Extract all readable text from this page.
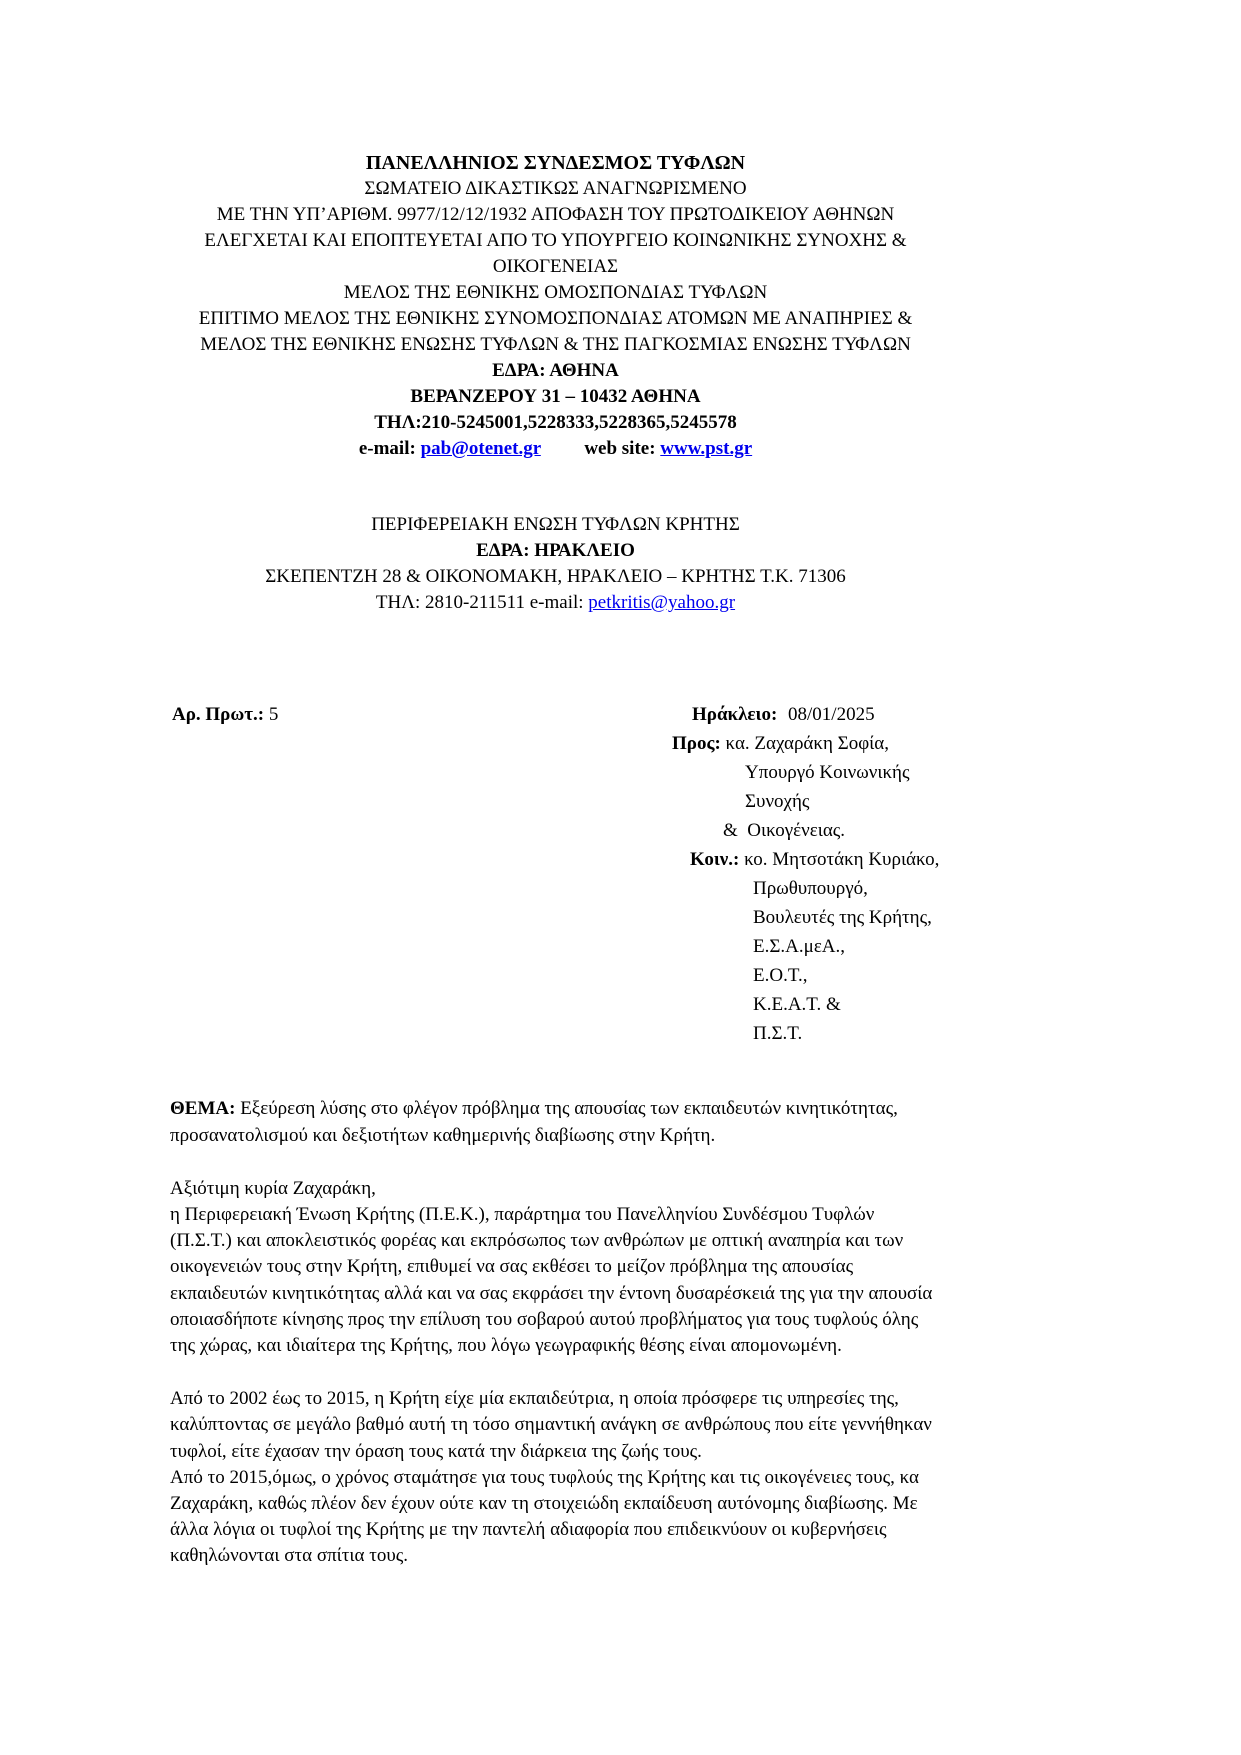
ΠΑΝΕΛΛΗΝΙΟΣ ΣΥΝΔΕΣΜΟΣ ΤΥΦΛΩΝ
ΣΩΜΑΤΕΙΟ ΔΙΚΑΣΤΙΚΩΣ ΑΝΑΓΝΩΡΙΣΜΕΝΟ
ΜΕ ΤΗΝ ΥΠ’ΑΡΙΘΜ. 9977/12/12/1932 ΑΠΟΦΑΣΗ ΤΟΥ ΠΡΩΤΟΔΙΚΕΙΟΥ ΑΘΗΝΩΝ
ΕΛΕΓΧΕΤΑΙ ΚΑΙ ΕΠΟΠΤΕΥΕΤΑΙ ΑΠΟ ΤΟ ΥΠΟΥΡΓΕΙΟ ΚΟΙΝΩΝΙΚΗΣ ΣΥΝΟΧΗΣ &
ΟΙΚΟΓΕΝΕΙΑΣ
ΜΕΛΟΣ ΤΗΣ ΕΘΝΙΚΗΣ ΟΜΟΣΠΟΝΔΙΑΣ ΤΥΦΛΩΝ
ΕΠΙΤΙΜΟ ΜΕΛΟΣ ΤΗΣ ΕΘΝΙΚΗΣ ΣΥΝΟΜΟΣΠΟΝΔΙΑΣ ΑΤΟΜΩΝ ΜΕ ΑΝΑΠΗΡΙΕΣ &
ΜΕΛΟΣ ΤΗΣ ΕΘΝΙΚΗΣ ΕΝΩΣΗΣ ΤΥΦΛΩΝ & ΤΗΣ ΠΑΓΚΟΣΜΙΑΣ ΕΝΩΣΗΣ ΤΥΦΛΩΝ
ΕΔΡΑ: ΑΘΗΝΑ
ΒΕΡΑΝΖΕΡΟΥ 31 – 10432 ΑΘΗΝΑ
ΤΗΛ:210-5245001,5228333,5228365,5245578
e-mail: pab@otenet.gr web site: www.pst.gr
ΠΕΡΙΦΕΡΕΙΑΚΗ ΕΝΩΣΗ ΤΥΦΛΩΝ ΚΡΗΤΗΣ
ΕΔΡΑ: ΗΡΑΚΛΕΙΟ
ΣΚΕΠΕΝΤΖΗ 28 & ΟΙΚΟΝΟΜΑΚΗ, ΗΡΑΚΛΕΙΟ – ΚΡΗΤΗΣ Τ.Κ. 71306
ΤΗΛ: 2810-211511 e-mail: petkritis@yahoo.gr
Αρ. Πρωτ.: 5	Ηράκλειο: 08/01/2025
Προς: κα. Ζαχαράκη Σοφία,
Υπουργό Κοινωνικής Συνοχής
&  Οικογένειας.
Κοιν.: κο. Μητσοτάκη Κυριάκο,
Πρωθυπουργό,
Βουλευτές της Κρήτης,
Ε.Σ.Α.μεΑ.,
Ε.Ο.Τ.,
Κ.Ε.Α.Τ. &
Π.Σ.Τ.
ΘΕΜΑ: Εξεύρεση λύσης στο φλέγον πρόβλημα της απουσίας των εκπαιδευτών κινητικότητας, προσανατολισμού και δεξιοτήτων καθημερινής διαβίωσης στην Κρήτη.
Αξιότιμη κυρία Ζαχαράκη,
η Περιφερειακή Ένωση Κρήτης (Π.Ε.Κ.), παράρτημα του Πανελληνίου Συνδέσμου Τυφλών (Π.Σ.Τ.) και αποκλειστικός φορέας και εκπρόσωπος των ανθρώπων με οπτική αναπηρία και των οικογενειών τους στην Κρήτη, επιθυμεί να σας εκθέσει το μείζον πρόβλημα της απουσίας εκπαιδευτών κινητικότητας αλλά και να σας εκφράσει την έντονη δυσαρέσκειά της για την απουσία οποιασδήποτε κίνησης προς την επίλυση του σοβαρού αυτού προβλήματος για τους τυφλούς όλης της χώρας, και ιδιαίτερα της Κρήτης, που λόγω γεωγραφικής θέσης είναι απομονωμένη.
Από το 2002 έως το 2015, η Κρήτη είχε μία εκπαιδεύτρια, η οποία πρόσφερε τις υπηρεσίες της, καλύπτοντας σε μεγάλο βαθμό αυτή τη τόσο σημαντική ανάγκη σε ανθρώπους που είτε γεννήθηκαν τυφλοί, είτε έχασαν την όραση τους κατά την διάρκεια της ζωής τους.
Από το 2015,όμως, ο χρόνος σταμάτησε για τους τυφλούς της Κρήτης και τις οικογένειες τους, κα Ζαχαράκη, καθώς πλέον δεν έχουν ούτε καν τη στοιχειώδη εκπαίδευση αυτόνομης διαβίωσης. Με άλλα λόγια οι τυφλοί της Κρήτης με την παντελή αδιαφορία που επιδεικνύουν οι κυβερνήσεις καθηλώνονται στα σπίτια τους.
